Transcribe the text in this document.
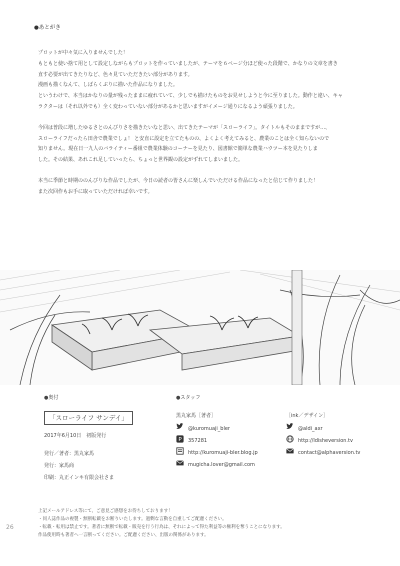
●あとがき
プロットが中々気に入りませんでした！
もともと使い捨て用として設定しながらもプロットを作っていましたが、テーマを６ページ分ほど使った段階で、かなりの文章を書き
直す必要が出てきたりなど、色々見ていただきたい部分があります。
漫画も描くなんて、しばらくぶりに描いた作品になりました。
というわけで、本当はかなりの量が残ったままに疲れていて、少しでも描けたものをお見せしようと今に至りました。動作と違い、キャ
ラクターは（それ以外でも）全く変わっていない部分があるかと思いますがイメージ通りになるよう頑張りました。
今回は普段に増したゆるさとのんびりさを描きたいなと思い、出てきたテーマが「スローライフ」。タイトルもそのままですが…、
スローライフだったら田舎で農業でしょ！ と安直に設定を立てたものの、よくよく考えてみると、農業のことは全く知らないので
知りません。現在日一九人のバライティー番組で農業体験のコーナーを見たり、図書館で簡単な農業ハウツー本を見たりしま
した。その結果、あれこれ足していったら、ちょっと世界観の設定がずれてしまいました。
本当に季節と時期ののんびりな作品でしたが、今日の読者の皆さんに楽しんでいただける作品になったと信じて作りました！
また次回作もお手に取っていただければ幸いです。
●奥付
「スローライフ サンデイ」
2017年6月10日　初版発行
発行／著者：黒丸家馬
発行：家馬商
印刷：丸正インキ有限会社さま
●スタッフ
黒丸家馬［著者］
@kuromuaji_bler
P 357281
http://kuromuaji-bler.blog.jp
mugicha.lover@gmail.com
［ink／デザイン］
@aldi_axr
http://ldisheversion.tv
contact@alphaversion.tv
上記メールアドレス等にて、ご意見ご感想をお待ちしております！
・同人誌作品の複製・無断転載をお断りいたします。過剰な言動を自重してご配慮ください。
・転載・転用は禁止です。著者に無断で転載・販売を行う行為は、それによって得た利益等の権利を奪うことになります。
作品使用時も著者へ一言断ってください。ご配慮ください、出版の関係があります。
26
